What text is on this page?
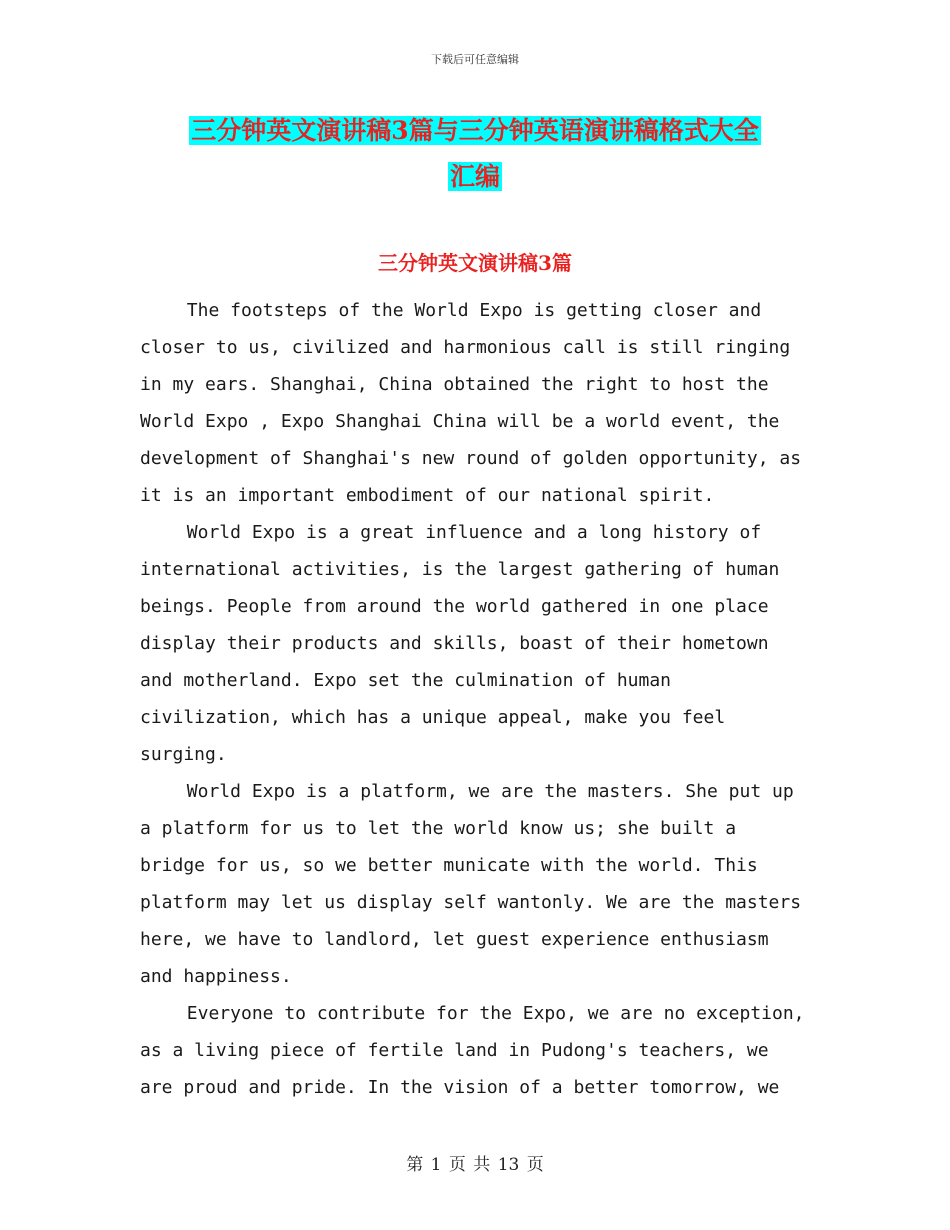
下载后可任意编辑
三分钟英文演讲稿3篇与三分钟英语演讲稿格式大全
汇编
三分钟英文演讲稿3篇

The footsteps of the World Expo is getting closer and closer to us, civilized and harmonious call is still ringing in my ears. Shanghai, China obtained the right to host the World Expo , Expo Shanghai China will be a world event, the development of Shanghai's new round of golden opportunity, as it is an important embodiment of our national spirit.

World Expo is a great influence and a long history of international activities, is the largest gathering of human beings. People from around the world gathered in one place display their products and skills, boast of their hometown and motherland. Expo set the culmination of human civilization, which has a unique appeal, make you feel surging.

World Expo is a platform, we are the masters. She put up a platform for us to let the world know us; she built a bridge for us, so we better municate with the world. This platform may let us display self wantonly. We are the masters here, we have to landlord, let guest experience enthusiasm and happiness.

Everyone to contribute for the Expo, we are no exception, as a living piece of fertile land in Pudong's teachers, we are proud and pride. In the vision of a better tomorrow, we

第 1 页 共 13 页
